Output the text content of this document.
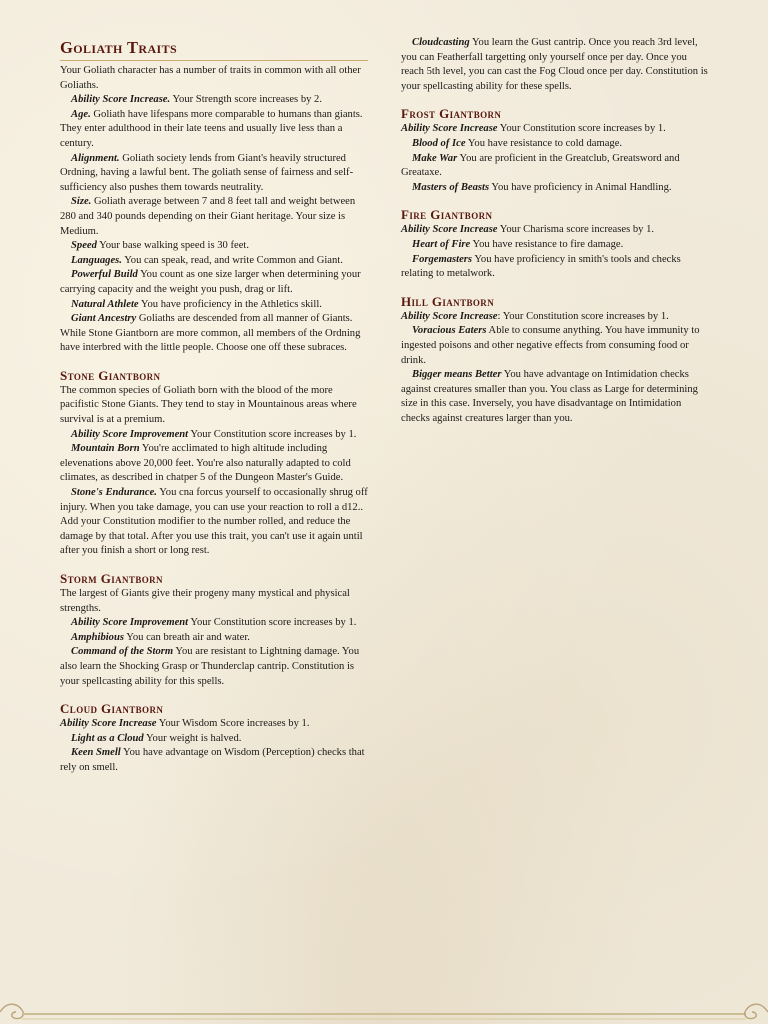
Goliath Traits

Your Goliath character has a number of traits in common with all other Goliaths.

Ability Score Increase. Your Strength score increases by 2.

Age. Goliath have lifespans more comparable to humans than giants. They enter adulthood in their late teens and usually live less than a century.

Alignment. Goliath society lends from Giant's heavily structured Ordning, having a lawful bent. The goliath sense of fairness and self-sufficiency also pushes them towards neutrality.

Size. Goliath average between 7 and 8 feet tall and weight between 280 and 340 pounds depending on their Giant heritage. Your size is Medium.

Speed Your base walking speed is 30 feet.

Languages. You can speak, read, and write Common and Giant.

Powerful Build You count as one size larger when determining your carrying capacity and the weight you push, drag or lift.

Natural Athlete You have proficiency in the Athletics skill.

Giant Ancestry Goliaths are descended from all manner of Giants. While Stone Giantborn are more common, all members of the Ordning have interbred with the little people. Choose one off these subraces.

Stone Giantborn

The common species of Goliath born with the blood of the more pacifistic Stone Giants. They tend to stay in Mountainous areas where survival is at a premium.

Ability Score Improvement Your Constitution score increases by 1.

Mountain Born You're acclimated to high altitude including elevenations above 20,000 feet. You're also naturally adapted to cold climates, as described in chatper 5 of the Dungeon Master's Guide.

Stone's Endurance. You cna forcus yourself to occasionally shrug off injury. When you take damage, you can use your reaction to roll a d12.. Add your Constitution modifier to the number rolled, and reduce the damage by that total. After you use this trait, you can't use it again until after you finish a short or long rest.

Storm Giantborn

The largest of Giants give their progeny many mystical and physical strengths.

Ability Score Improvement Your Constitution score increases by 1.

Amphibious You can breath air and water.

Command of the Storm You are resistant to Lightning damage. You also learn the Shocking Grasp or Thunderclap cantrip. Constitution is your spellcasting ability for this spells.

Cloud Giantborn

Ability Score Increase Your Wisdom Score increases by 1.

Light as a Cloud Your weight is halved.

Keen Smell You have advantage on Wisdom (Perception) checks that rely on smell.

Cloudcasting You learn the Gust cantrip. Once you reach 3rd level, you can Featherfall targetting only yourself once per day. Once you reach 5th level, you can cast the Fog Cloud once per day. Constitution is your spellcasting ability for these spells.

Frost Giantborn

Ability Score Increase Your Constitution score increases by 1.

Blood of Ice You have resistance to cold damage.

Make War You are proficient in the Greatclub, Greatsword and Greataxe.

Masters of Beasts You have proficiency in Animal Handling.

Fire Giantborn

Ability Score Increase Your Charisma score increases by 1.

Heart of Fire You have resistance to fire damage.

Forgemasters You have proficiency in smith's tools and checks relating to metalwork.

Hill Giantborn

Ability Score Increase: Your Constitution score increases by 1.

Voracious Eaters Able to consume anything. You have immunity to ingested poisons and other negative effects from consuming food or drink.

Bigger means Better You have advantage on Intimidation checks against creatures smaller than you. You class as Large for determining size in this case. Inversely, you have disadvantage on Intimidation checks against creatures larger than you.
